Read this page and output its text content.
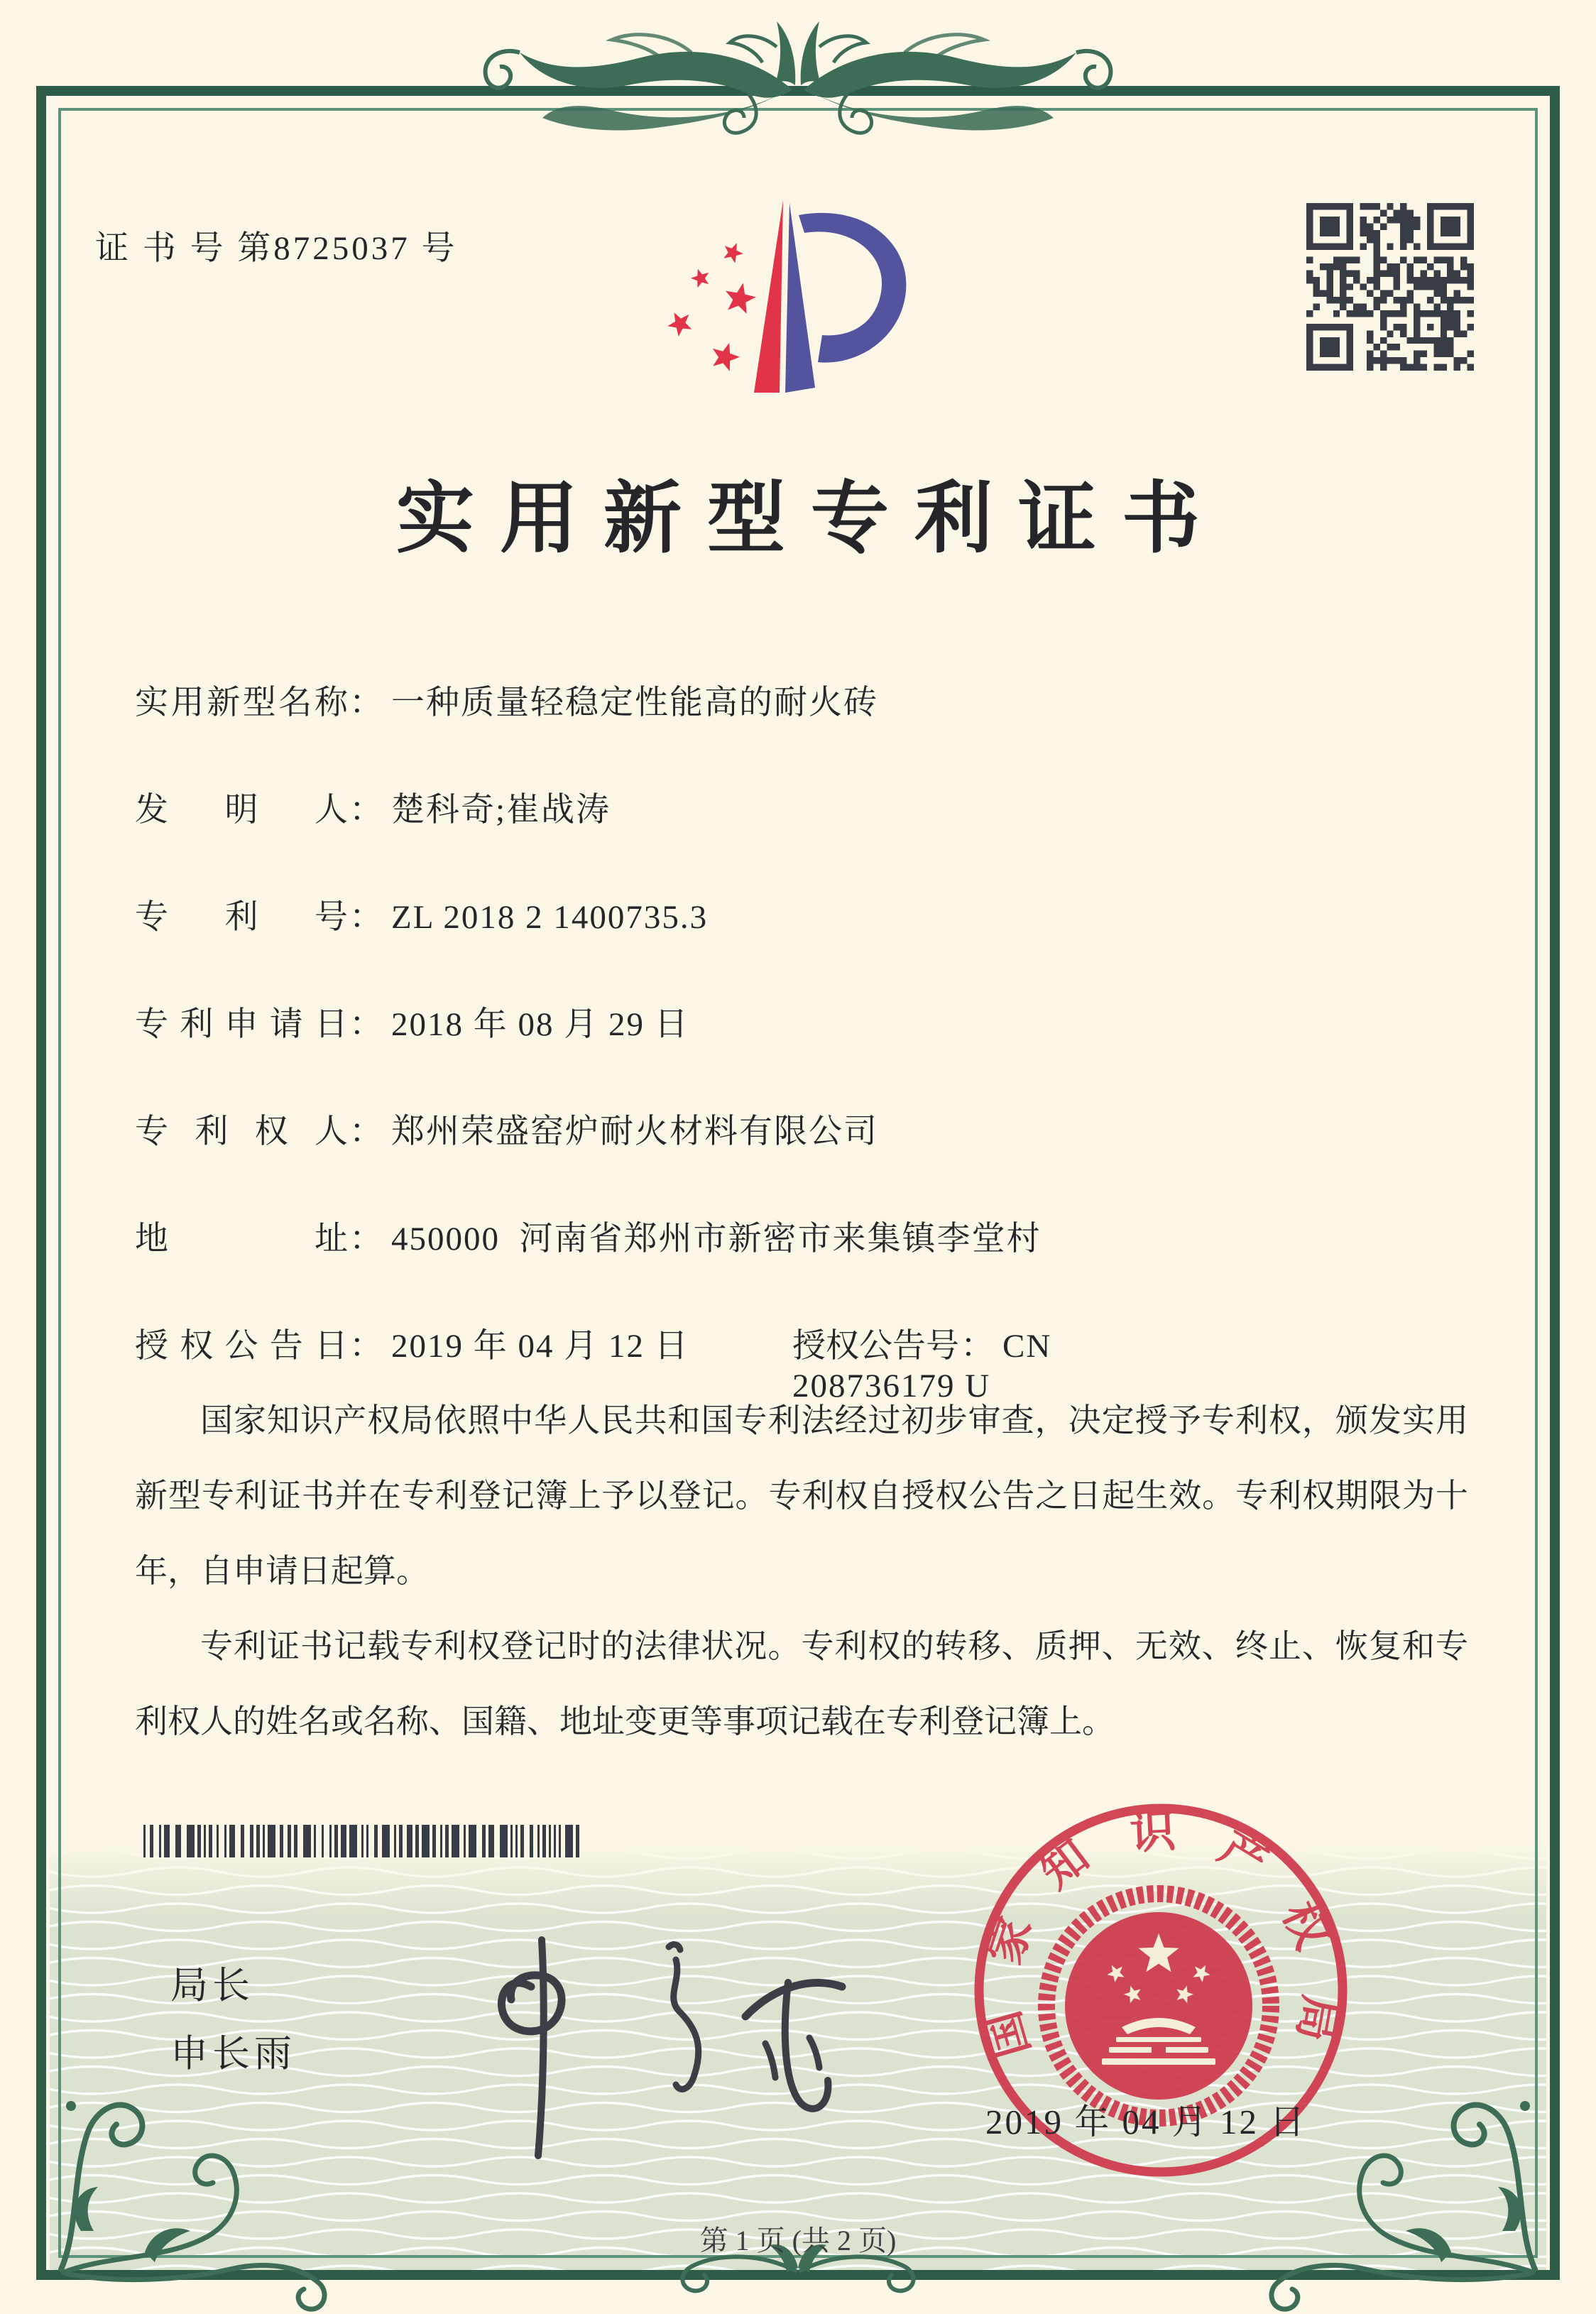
证 书 号 第8725037 号
实用新型专利证书
实用新型名称： 一种质量轻稳定性能高的耐火砖
发明人： 楚科奇;崔战涛
专利号： ZL 2018 2 1400735.3
专利申请日： 2018 年 08 月 29 日
专利权人： 郑州荣盛窑炉耐火材料有限公司
地址： 450000  河南省郑州市新密市来集镇李堂村
授权公告日： 2019 年 04 月 12 日	授权公告号： CN 208736179 U

国家知识产权局依照中华人民共和国专利法经过初步审查，决定授予专利权，颁发实用新型专利证书并在专利登记簿上予以登记。专利权自授权公告之日起生效。专利权期限为十年，自申请日起算。

专利证书记载专利权登记时的法律状况。专利权的转移、质押、无效、终止、恢复和专利权人的姓名或名称、国籍、地址变更等事项记载在专利登记簿上。

局长
申长雨	国家知识产权局
2019 年 04 月 12 日
第 1 页 (共 2 页)
